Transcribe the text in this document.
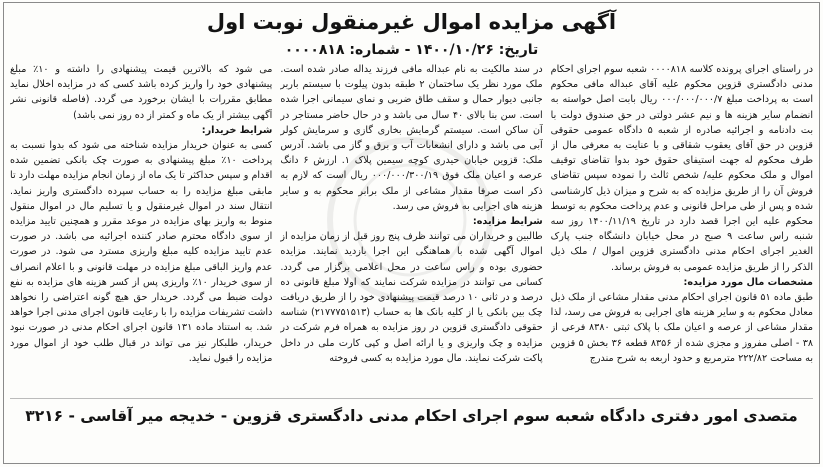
آگهی مزایده اموال غیرمنقول نوبت اول
تاریخ: ۱۴۰۰/۱۰/۲۶ - شماره: ۰۰۰۰۸۱۸

در راستای اجرای پرونده کلاسه ۰۰۰۰۸۱۸ شعبه سوم اجرای احکام مدنی دادگستری قزوین محکوم علیه آقای عبداله مافی محکوم است به پرداخت مبلغ ۰۰۰/۰۰۰/۰۰۰/۷ ریال بابت اصل خواسته به انضمام سایر هزینه ها و نیم عشر دولتی در حق صندوق دولت با بت دادنامه و اجرائیه صادره از شعبه ۵ دادگاه عمومی حقوقی قزوین در حق آقای یعقوب شقاقی و با عنایت به معرفی مال از طرف محکوم له جهت استیفای حقوق خود بدوا تقاضای توقیف اموال و ملک محکوم علیه/ شخص ثالث را نموده سپس تقاضای فروش آن را از طریق مزایده که به شرح و میزان ذیل کارشناسی شده و پس از طی مراحل قانونی و عدم پرداخت محکوم به توسط محکوم علیه این اجرا قصد دارد در تاریخ ۱۴۰۰/۱۱/۱۹ روز سه شنبه راس ساعت ۹ صبح در محل خیابان دانشگاه جنب پارک الغدیر اجرای احکام مدنی دادگستری قزوین اموال / ملک ذیل الذکر را از طریق مزایده عمومی به فروش برساند.

مشخصات مال مورد مزایده:

طبق ماده ۵۱ قانون اجرای احکام مدنی مقدار مشاعی از ملک ذیل معادل محکوم به و سایر هزینه های اجرایی به فروش می رسد، لذا مقدار مشاعی از عرصه و اعیان ملک با پلاک ثبتی ۸۳۸۰ فرعی از ۳۸ - اصلی مفروز و مجزی شده از ۸۳۵۶ قطعه ۳۶ بخش ۵ قزوین به مساحت ۲۲۲/۸۲ مترمربع و حدود اربعه به شرح مندرج

در سند مالکیت به نام عبداله مافی فرزند یداله صادر شده است. ملک مورد نظر یک ساختمان ۲ طبقه بدون پیلوت با سیستم باربر جانبی دیوار حمال و سقف طاق ضربی و نمای سیمانی اجرا شده است. سن بنا بالای ۴۰ سال می باشد و در حال حاضر مستاجر در آن ساکن است. سیستم گرمایش بخاری گازی و سرمایش کولر آبی می باشد و دارای انشعابات آب و برق و گاز می باشد. آدرس ملک: قزوین خیابان حیدری کوچه سیمین پلاک ۱. ارزش ۶ دانگ عرصه و اعیان ملک فوق ۰۰۰/۰۰۰/۳۰۰/۱۹ ریال است که لازم به ذکر است صرفا مقدار مشاعی از ملک برابر محکوم به و سایر هزینه های اجرایی به فروش می رسد.

شرایط مزایده:

طالبین و خریداران می توانند ظرف پنج روز قبل از زمان مزایده از اموال آگهی شده با هماهنگی این اجرا بازدید نمایند. مزایده حضوری بوده و راس ساعت در محل اعلامی برگزار می گردد. کسانی می توانند در مزایده شرکت نمایند که اولا مبلغ قانونی ده درصد و در ثانی ۱۰ درصد قیمت پیشنهادی خود را از طریق دریافت چک بین بانکی یا از کلیه بانک ها به حساب (۲۱۷۷۷۵۱۵۱۳) شناسه حقوقی دادگستری قزوین در روز مزایده به همراه فرم شرکت در مزایده و چک واریزی و یا ارائه اصل و کپی کارت ملی در داخل پاکت شرکت نمایند. مال مورد مزایده به کسی فروخته

می شود که بالاترین قیمت پیشنهادی را داشته و ۱۰٪ مبلغ پیشنهادی خود را واریز کرده باشد کسی که در مزایده اخلال نماید مطابق مقررات با ایشان برخورد می گردد. (فاصله قانونی نشر آگهی بیشتر از یک ماه و کمتر از ده روز نمی باشد)

شرایط خریدار:

کسی به عنوان خریدار مزایده شناخته می شود که بدوا نسبت به پرداخت ۱۰٪ مبلغ پیشنهادی به صورت چک بانکی تضمین شده اقدام و سپس حداکثر تا یک ماه از زمان انجام مزایده مهلت دارد تا مابقی مبلغ مزایده را به حساب سپرده دادگستری واریز نماید. انتقال سند در اموال غیرمنقول و یا تسلیم مال در اموال منقول منوط به واریز بهای مزایده در موعد مقرر و همچنین تایید مزایده از سوی دادگاه محترم صادر کننده اجرائیه می باشد. در صورت عدم تایید مزایده کلیه مبلغ واریزی مسترد می شود. در صورت عدم واریز الباقی مبلغ مزایده در مهلت قانونی و با اعلام انصراف از سوی خریدار ۱۰٪ واریزی پس از کسر هزینه های مزایده به نفع دولت ضبط می گردد. خریدار حق هیچ گونه اعتراضی را نخواهد داشت تشریفات مزایده را با رعایت قانون اجرای مدنی اجرا خواهد شد. به استناد ماده ۱۳۱ قانون اجرای احکام مدنی در صورت نبود خریدار، طلبکار نیز می تواند در قبال طلب خود از اموال مورد مزایده را قبول نماید.

متصدی امور دفتری دادگاه شعبه سوم اجرای احکام مدنی دادگستری قزوین - خدیجه میر آقاسی - ۳۲۱۶
